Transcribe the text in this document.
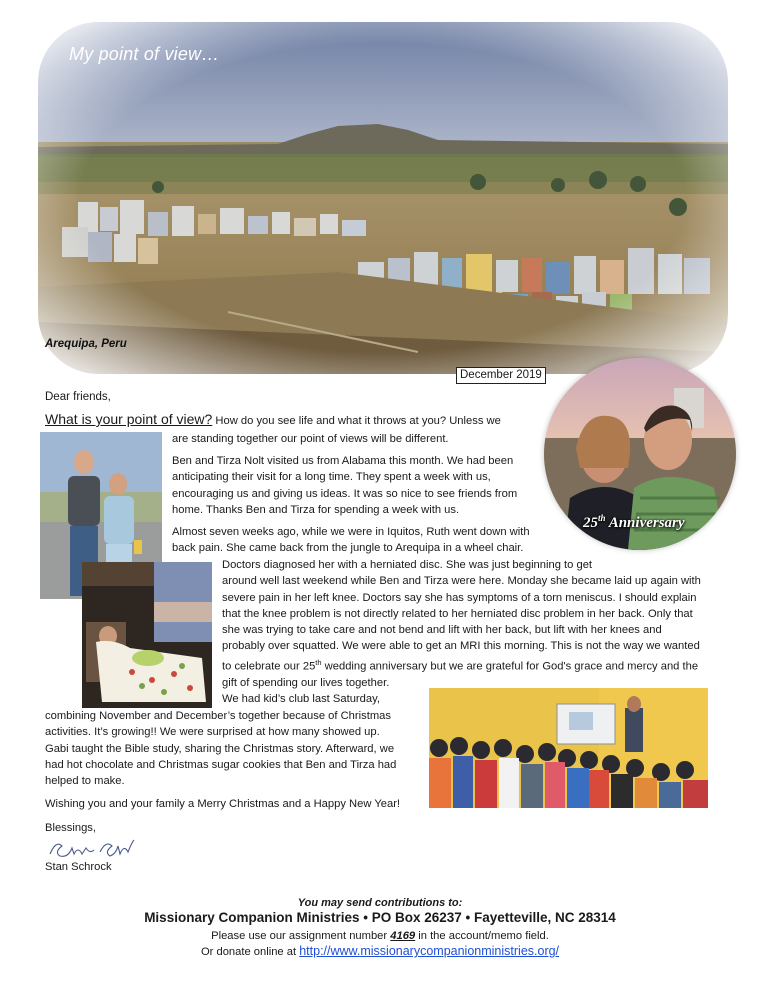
My point of view…
Arequipa, Peru
December 2019
25th Anniversary
Dear friends,
What is your point of view? How do you see life and what it throws at you? Unless we
are standing together our point of views will be different.
Ben and Tirza Nolt visited us from Alabama this month. We had been
anticipating their visit for a long time. They spent a week with us,
encouraging us and giving us ideas. It was so nice to see friends from
home. Thanks Ben and Tirza for spending a week with us.
Almost seven weeks ago, while we were in Iquitos, Ruth went down with
back pain. She came back from the jungle to Arequipa in a wheel chair.
Doctors diagnosed her with a herniated disc. She was just beginning to get
around well last weekend while Ben and Tirza were here. Monday she became laid up again with
severe pain in her left knee. Doctors say she has symptoms of a torn meniscus. I should explain
that the knee problem is not directly related to her herniated disc problem in her back. Only that
she was trying to take care and not bend and lift with her back, but lift with her knees and
probably over squatted. We were able to get an MRI this morning. This is not the way we wanted
to celebrate our 25th wedding anniversary but we are grateful for God's grace and mercy and the
gift of spending our lives together.
We had kid’s club last Saturday,
combining November and December’s together because of Christmas
activities. It’s growing!! We were surprised at how many showed up.
Gabi taught the Bible study, sharing the Christmas story. Afterward, we
had hot chocolate and Christmas sugar cookies that Ben and Tirza had
helped to make.
Wishing you and your family a Merry Christmas and a Happy New Year!
Blessings,
Stan Schrock
You may send contributions to:
Missionary Companion Ministries • PO Box 26237 • Fayetteville, NC 28314
Please use our assignment number 4169 in the account/memo field.
Or donate online at http://www.missionarycompanionministries.org/
